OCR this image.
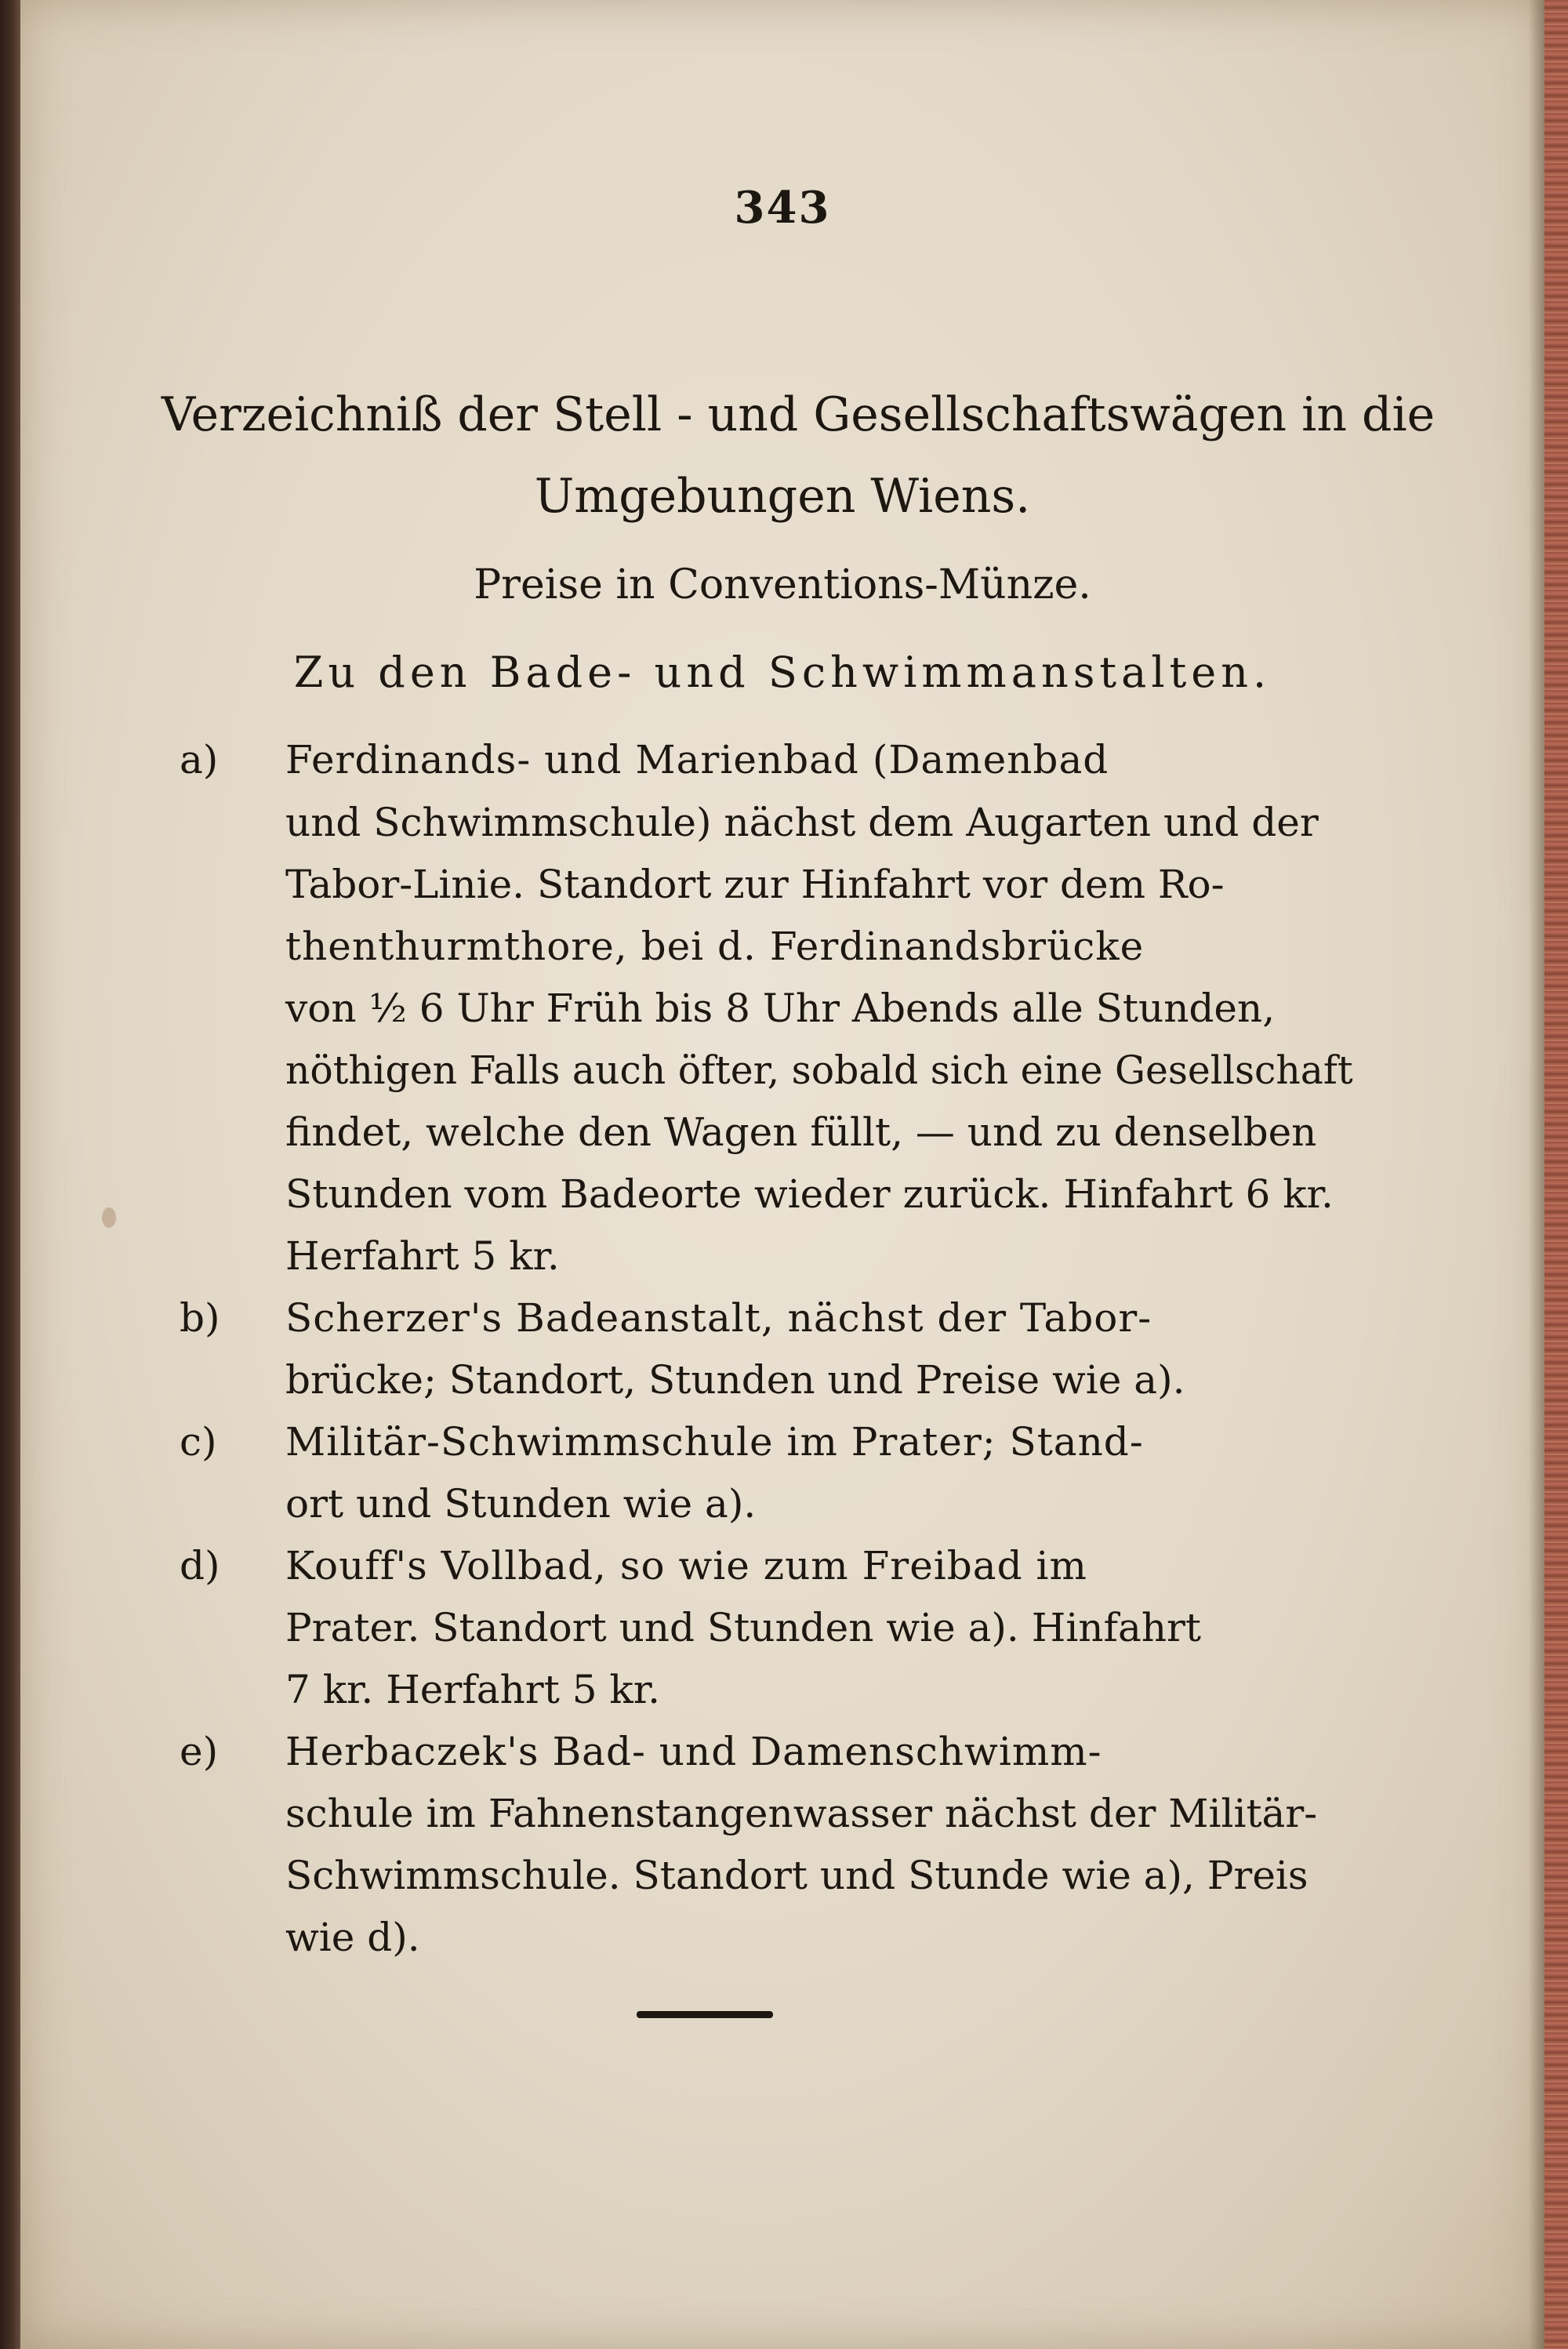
343
Verzeichniß der Stell - und Gesellschaftswägen in die
Umgebungen Wiens.
Preise in Conventions-Münze.
Zu den Bade- und Schwimmanstalten.
a) Ferdinands- und Marienbad (Damenbad
und Schwimmschule) nächst dem Augarten und der
Tabor-Linie. Standort zur Hinfahrt vor dem Ro-
thenthurmthore, bei d. Ferdinandsbrücke
von ½ 6 Uhr Früh bis 8 Uhr Abends alle Stunden,
nöthigen Falls auch öfter, sobald sich eine Gesellschaft
findet, welche den Wagen füllt, — und zu denselben
Stunden vom Badeorte wieder zurück. Hinfahrt 6 kr.
Herfahrt 5 kr.
b) Scherzer's Badeanstalt, nächst der Tabor-
brücke; Standort, Stunden und Preise wie a).
c) Militär-Schwimmschule im Prater; Stand-
ort und Stunden wie a).
d) Kouff's Vollbad, so wie zum Freibad im
Prater. Standort und Stunden wie a). Hinfahrt
7 kr. Herfahrt 5 kr.
e) Herbaczek's Bad- und Damenschwimm-
schule im Fahnenstangenwasser nächst der Militär-
Schwimmschule. Standort und Stunde wie a), Preis
wie d).
